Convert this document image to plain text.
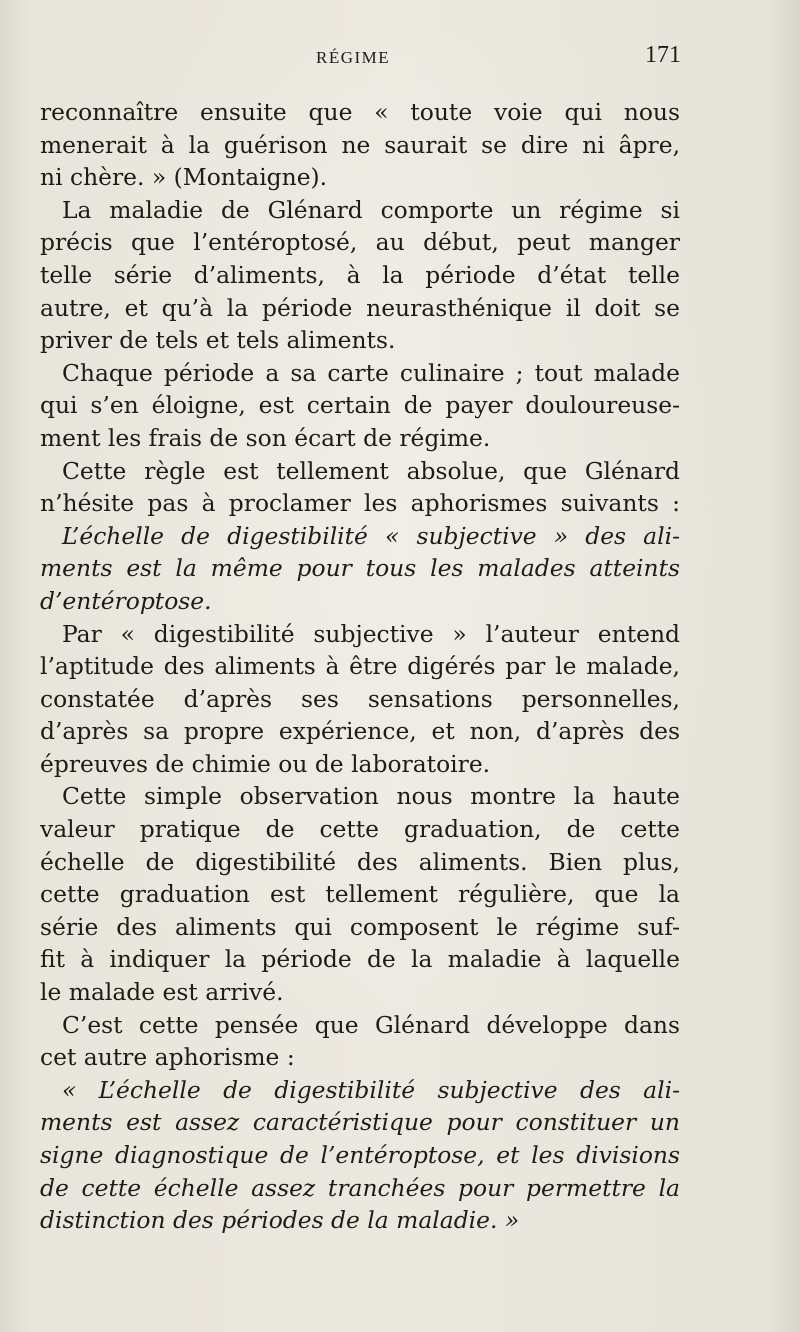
RÉGIME	171
reconnaître ensuite que « toute voie qui nous
menerait à la guérison ne saurait se dire ni âpre,
ni chère. » (Montaigne).
La maladie de Glénard comporte un régime si
précis que l’entéroptosé, au début, peut manger
telle série d’aliments, à la période d’état telle
autre, et qu’à la période neurasthénique il doit se
priver de tels et tels aliments.
Chaque période a sa carte culinaire ; tout malade
qui s’en éloigne, est certain de payer douloureuse-
ment les frais de son écart de régime.
Cette règle est tellement absolue, que Glénard
n’hésite pas à proclamer les aphorismes suivants :
L’échelle de digestibilité « subjective » des ali-
ments est la même pour tous les malades atteints
d’entéroptose.
Par « digestibilité subjective » l’auteur entend
l’aptitude des aliments à être digérés par le malade,
constatée d’après ses sensations personnelles,
d’après sa propre expérience, et non, d’après des
épreuves de chimie ou de laboratoire.
Cette simple observation nous montre la haute
valeur pratique de cette graduation, de cette
échelle de digestibilité des aliments. Bien plus,
cette graduation est tellement régulière, que la
série des aliments qui composent le régime suf-
fit à indiquer la période de la maladie à laquelle
le malade est arrivé.
C’est cette pensée que Glénard développe dans
cet autre aphorisme :
« L’échelle de digestibilité subjective des ali-
ments est assez caractéristique pour constituer un
signe diagnostique de l’entéroptose, et les divisions
de cette échelle assez tranchées pour permettre la
distinction des périodes de la maladie. »
